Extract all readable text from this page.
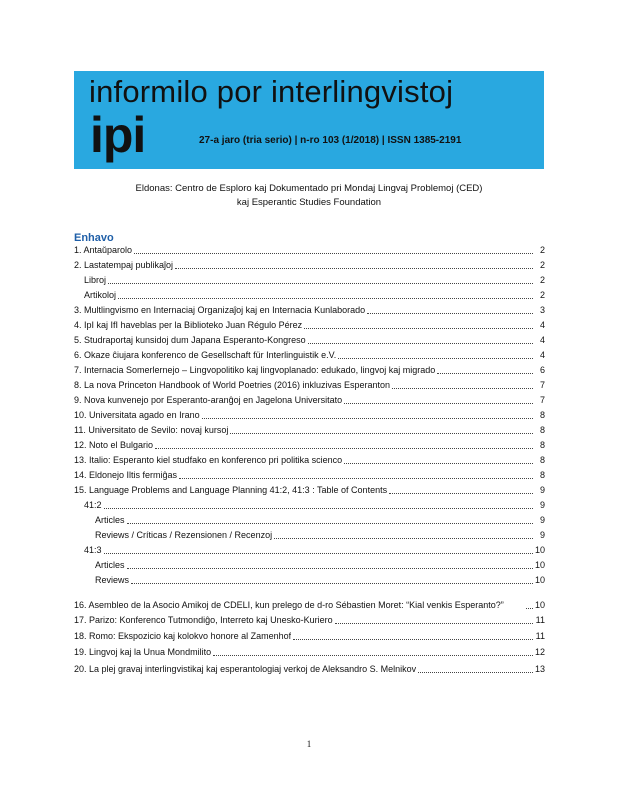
informilo por interlingvistoj
ipi	27-a jaro (tria serio) | n-ro 103 (1/2018) | ISSN 1385-2191
Eldonas: Centro de Esploro kaj Dokumentado pri Mondaj Lingvaj Problemoj (CED)
kaj Esperantic Studies Foundation
Enhavo
1. Antaŭparolo	2
2. Lastatempaj publikaĵoj	2
Libroj	2
Artikoloj	2
3. Multlingvismo en Internaciaj Organizaĵoj kaj en Internacia Kunlaborado	3
4. IpI kaj IfI haveblas per la Biblioteko Juan Régulo Pérez	4
5. Studraportaj kunsidoj dum Japana Esperanto-Kongreso	4
6. Okaze ĉiujara konferenco de Gesellschaft für Interlinguistik e.V.	4
7. Internacia Somerlernejo – Lingvopolitiko kaj lingvoplanado: edukado, lingvoj kaj migrado	6
8. La nova Princeton Handbook of World Poetries (2016) inkluzivas Esperanton	7
9. Nova kunvenejo por Esperanto-aranĝoj en Jagelona Universitato	7
10. Universitata agado en Irano	8
11. Universitato de Sevilo: novaj kursoj	8
12. Noto el Bulgario	8
13. Italio: Esperanto kiel studfako en konferenco pri politika scienco	8
14. Eldonejo Iltis fermiĝas	8
15. Language Problems and Language Planning 41:2, 41:3 : Table of Contents	9
41:2	9
Articles	9
Reviews / Críticas / Rezensionen / Recenzoj	9
41:3	10
Articles	10
Reviews	10
16. Asembleo de la Asocio Amikoj de CDELI, kun prelego de d-ro Sébastien Moret: “Kial venkis Esperanto?”	10
17. Parizo: Konferenco Tutmondiĝo, Interreto kaj Unesko-Kuriero	11
18. Romo: Ekspozicio kaj kolokvo honore al Zamenhof	11
19. Lingvoj kaj la Unua Mondmilito	12
20. La plej gravaj interlingvistikaj kaj esperantologiaj verkoj de Aleksandro S. Melnikov	13
1
